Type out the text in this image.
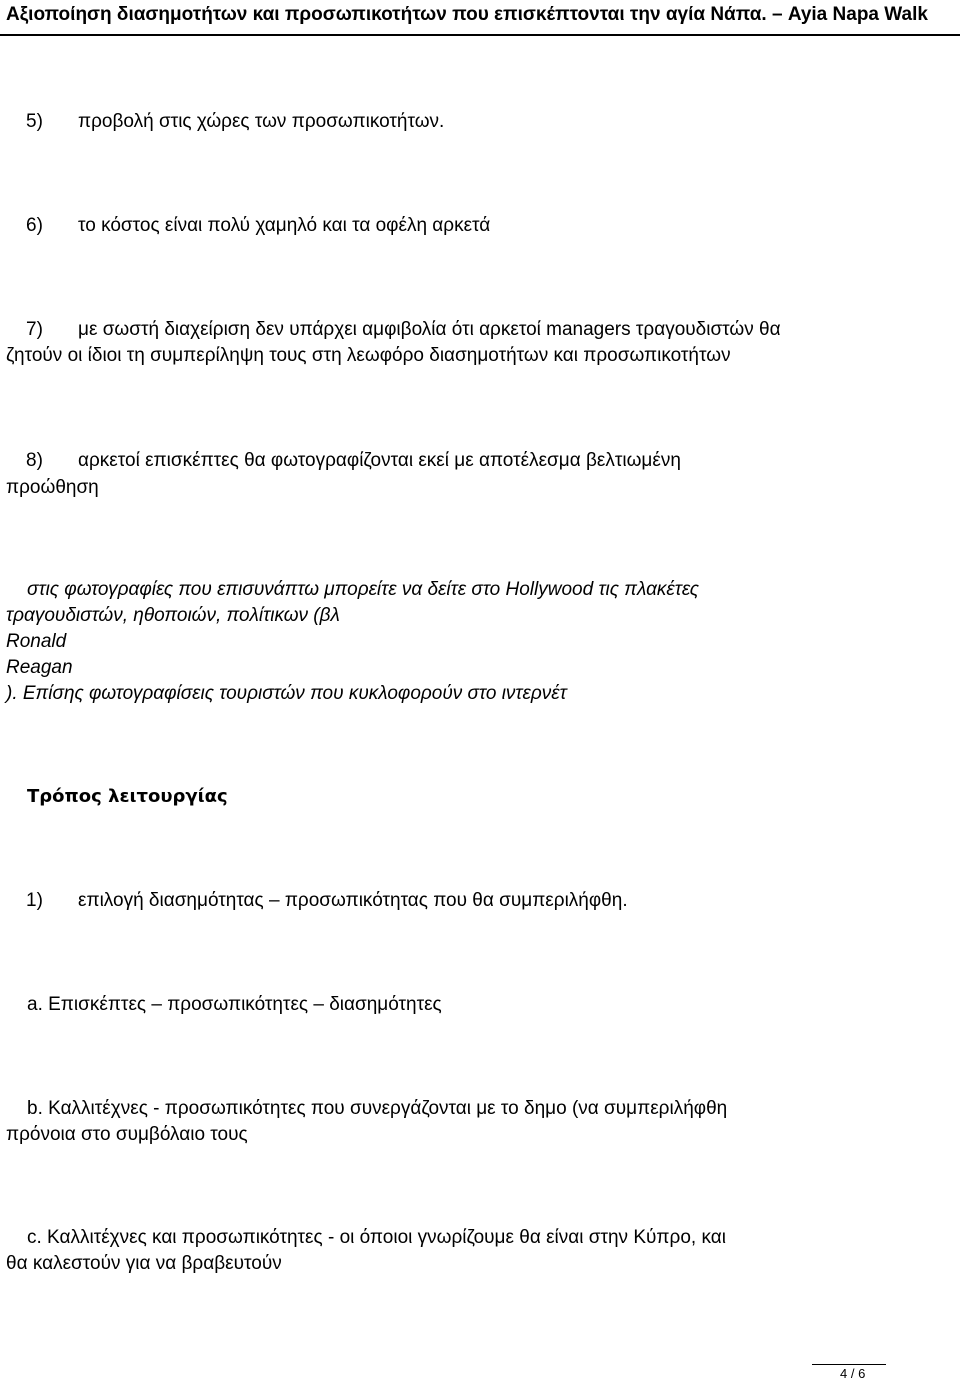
Αξιοποίηση διασημοτήτων και προσωπικοτήτων που επισκέπτονται την αγία Νάπα. – Ayia Napa Walk
5) προβολή στις χώρες των προσωπικοτήτων.
6) το κόστος είναι πολύ χαμηλό και τα οφέλη αρκετά
7) με σωστή διαχείριση δεν υπάρχει αμφιβολία ότι αρκετοί managers τραγουδιστών θα
ζητούν οι ίδιοι τη συμπερίληψη τους στη λεωφόρο διασημοτήτων και προσωπικοτήτων
8) αρκετοί επισκέπτες θα φωτογραφίζονται εκεί με αποτέλεσμα βελτιωμένη
προώθηση
στις φωτογραφίες που επισυνάπτω μπορείτε να δείτε στο Hollywood τις πλακέτες
τραγουδιστών, ηθοποιών, πολίτικων (βλ
Ronald
Reagan
). Επίσης φωτογραφίσεις τουριστών που κυκλοφορούν στο ιντερνέτ
Τρόπος λειτουργίας
1) επιλογή διασημότητας – προσωπικότητας που θα συμπεριλήφθη.
a. Επισκέπτες – προσωπικότητες – διασημότητες
b. Καλλιτέχνες - προσωπικότητες που συνεργάζονται με το δημο (να συμπεριλήφθη
πρόνοια στο συμβόλαιο τους
c. Καλλιτέχνες και προσωπικότητες - οι όποιοι γνωρίζουμε θα είναι στην Κύπρο, και
θα καλεστούν για να βραβευτούν
4 / 6
